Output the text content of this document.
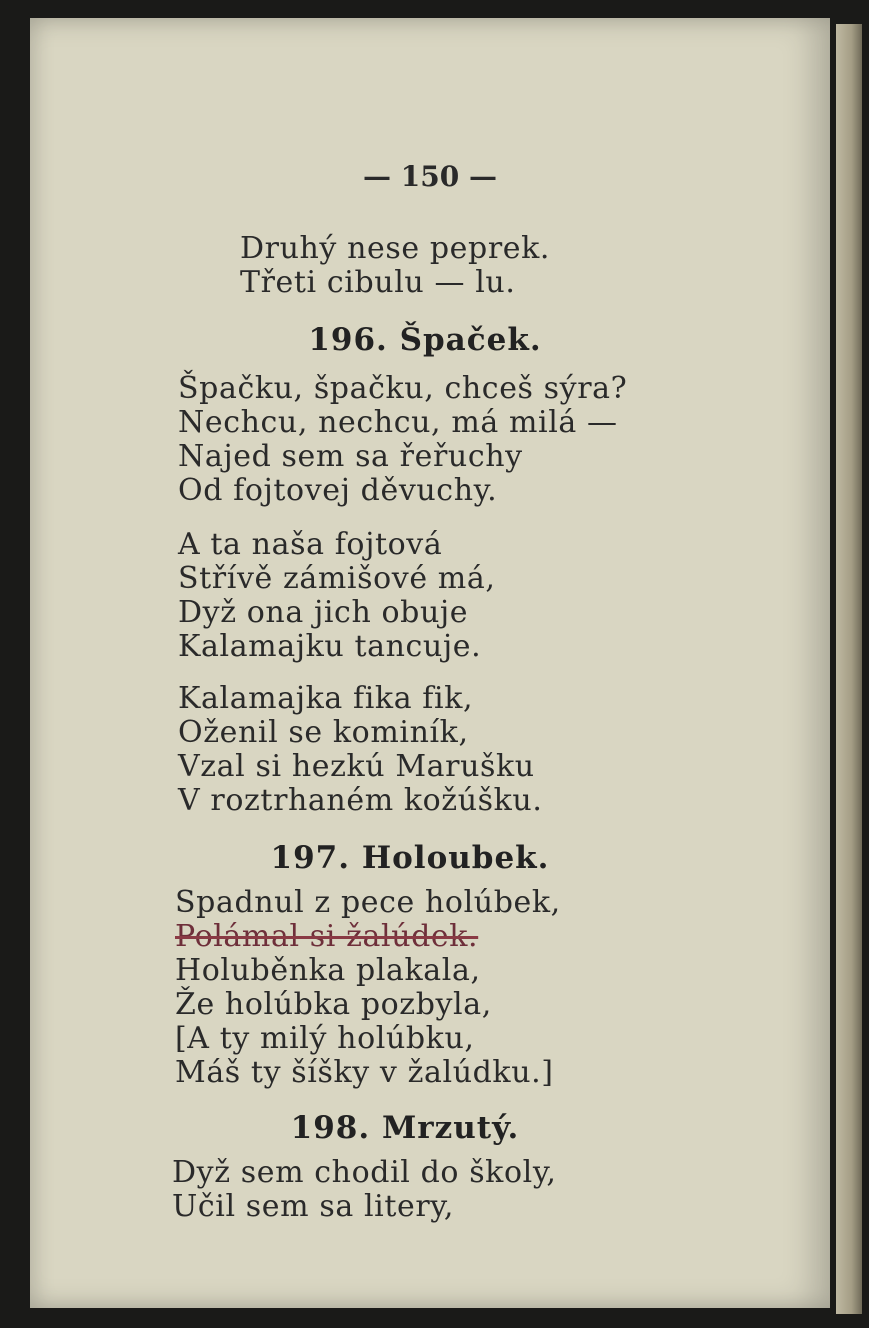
— 150 —
Druhý nese peprek.
Třeti cibulu — lu.
196. Špaček.
Špačku, špačku, chceš sýra?
Nechcu, nechcu, má milá —
Najed sem sa řeřuchy
Od fojtovej děvuchy.
A ta naša fojtová
Střívě zámišové má,
Dyž ona jich obuje
Kalamajku tancuje.
Kalamajka fika fik,
Oženil se kominík,
Vzal si hezkú Marušku
V roztrhaném kožúšku.
197. Holoubek.
Spadnul z pece holúbek,
Polámal si žalúdek.
Holuběnka plakala,
Že holúbka pozbyla,
[A ty milý holúbku,
Máš ty šíšky v žalúdku.]
198. Mrzutý.
Dyž sem chodil do školy,
Učil sem sa litery,
